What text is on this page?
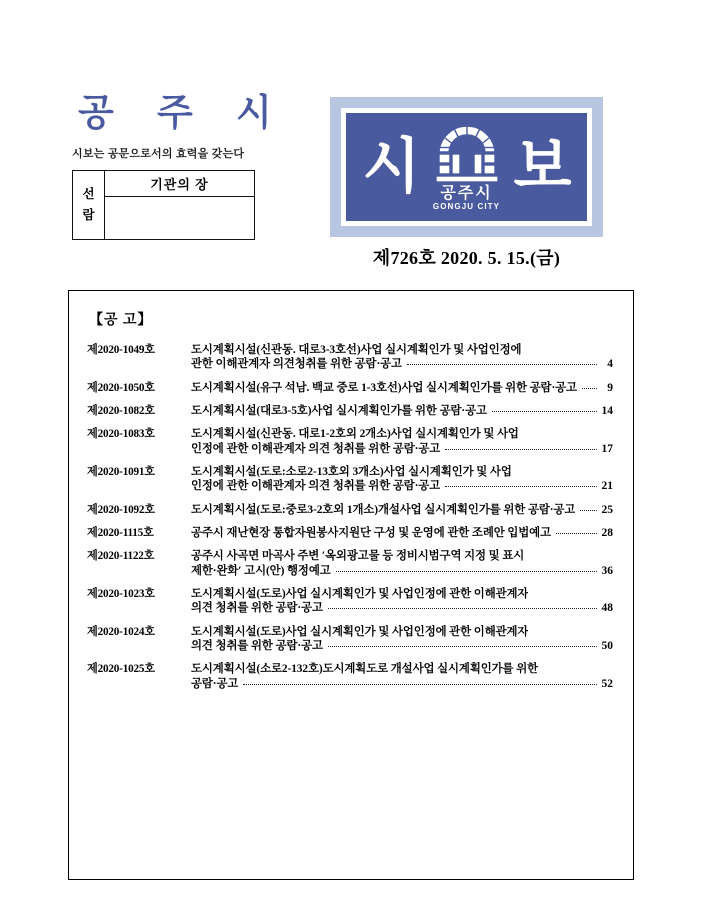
공 주 시
시보는 공문으로서의 효력을 갖는다
선
람
	기관의 장	시 공주시
GONGJU CITY
보
제726호 2020. 5. 15.(금)
【공 고】
제2020-1049호	도시계획시설(신관동. 대로3-3호선)사업 실시계획인가 및 사업인정에
관한 이해관계자 의견청취를 위한 공람·공고	4
제2020-1050호	도시계획시설(유구 석남. 백교 중로 1-3호선)사업 실시계획인가를 위한 공람·공고	9
제2020-1082호	도시계획시설(대로3-5호)사업 실시계획인가를 위한 공람·공고	14
제2020-1083호	도시계획시설(신관동. 대로1-2호외 2개소)사업 실시계획인가 및 사업
인정에 관한 이해관계자 의견 청취를 위한 공람·공고	17
제2020-1091호	도시계획시설(도로:소로2-13호외 3개소)사업 실시계획인가 및 사업
인정에 관한 이해관계자 의견 청취를 위한 공람·공고	21
제2020-1092호	도시계획시설(도로:중로3-2호외 1개소)개설사업 실시계획인가를 위한 공람·공고 25
제2020-1115호	공주시 재난현장 통합자원봉사지원단 구성 및 운영에 관한 조례안 입법예고	28
제2020-1122호	공주시 사곡면 마곡사 주변 ′옥외광고물 등 정비시범구역 지정 및 표시
제한·완화′ 고시(안) 행정예고	36
제2020-1023호	도시계획시설(도로)사업 실시계획인가 및 사업인정에 관한 이해관계자
의견 청취를 위한 공람·공고	48
제2020-1024호	도시계획시설(도로)사업 실시계획인가 및 사업인정에 관한 이해관계자
의견 청취를 위한 공람·공고	50
제2020-1025호	도시계획시설(소로2-132호)도시계획도로 개설사업 실시계획인가를 위한
공람·공고	52
